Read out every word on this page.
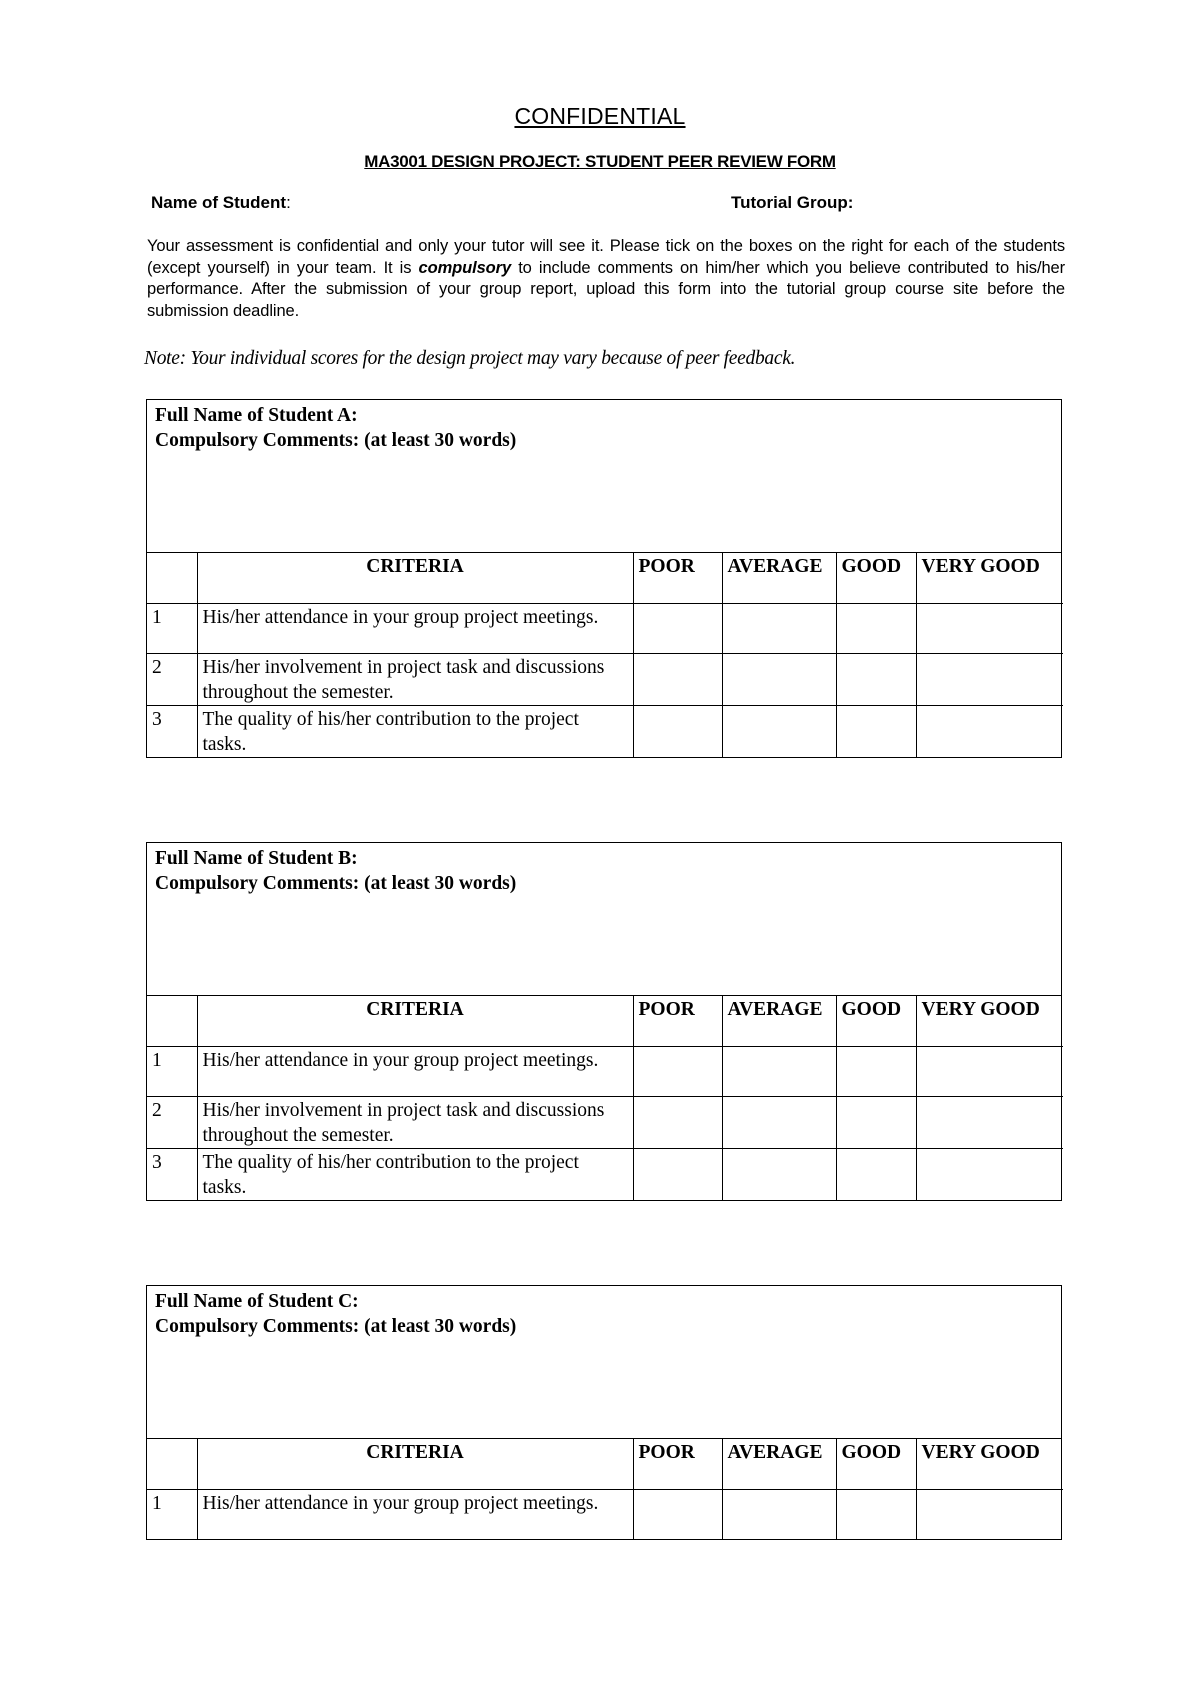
CONFIDENTIAL
MA3001 DESIGN PROJECT: STUDENT PEER REVIEW FORM
Name of Student:	Tutorial Group:
Your assessment is confidential and only your tutor will see it. Please tick on the boxes on the right for each of the students (except yourself) in your team. It is compulsory to include comments on him/her which you believe contributed to his/her performance. After the submission of your group report, upload this form into the tutorial group course site before the submission deadline.
Note: Your individual scores for the design project may vary because of peer feedback.
Full Name of Student A:
Compulsory Comments: (at least 30 words)
	CRITERIA	POOR	AVERAGE	GOOD	VERY GOOD
1	His/her attendance in your group project meetings.				
2	His/her involvement in project task and discussions throughout the semester.				
3	The quality of his/her contribution to the project tasks.				
Full Name of Student B:
Compulsory Comments: (at least 30 words)
	CRITERIA	POOR	AVERAGE	GOOD	VERY GOOD
1	His/her attendance in your group project meetings.				
2	His/her involvement in project task and discussions throughout the semester.				
3	The quality of his/her contribution to the project tasks.				
Full Name of Student C:
Compulsory Comments: (at least 30 words)
	CRITERIA	POOR	AVERAGE	GOOD	VERY GOOD
1	His/her attendance in your group project meetings.				
